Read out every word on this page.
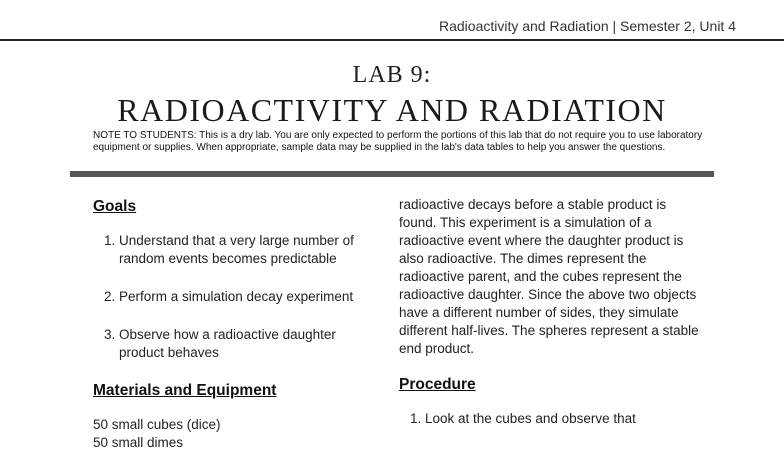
Radioactivity and Radiation | Semester 2, Unit 4
LAB 9:
RADIOACTIVITY AND RADIATION
NOTE TO STUDENTS: This is a dry lab. You are only expected to perform the portions of this lab that do not require you to use laboratory equipment or supplies. When appropriate, sample data may be supplied in the lab's data tables to help you answer the questions.
Goals
1. Understand that a very large number of random events becomes predictable
2. Perform a simulation decay experiment
3. Observe how a radioactive daughter product behaves
Materials and Equipment
50 small cubes (dice)
50 small dimes

radioactive decays before a stable product is found. This experiment is a simulation of a radioactive event where the daughter product is also radioactive. The dimes represent the radioactive parent, and the cubes represent the radioactive daughter. Since the above two objects have a different number of sides, they simulate different half-lives. The spheres represent a stable end product.

Procedure
1. Look at the cubes and observe that
